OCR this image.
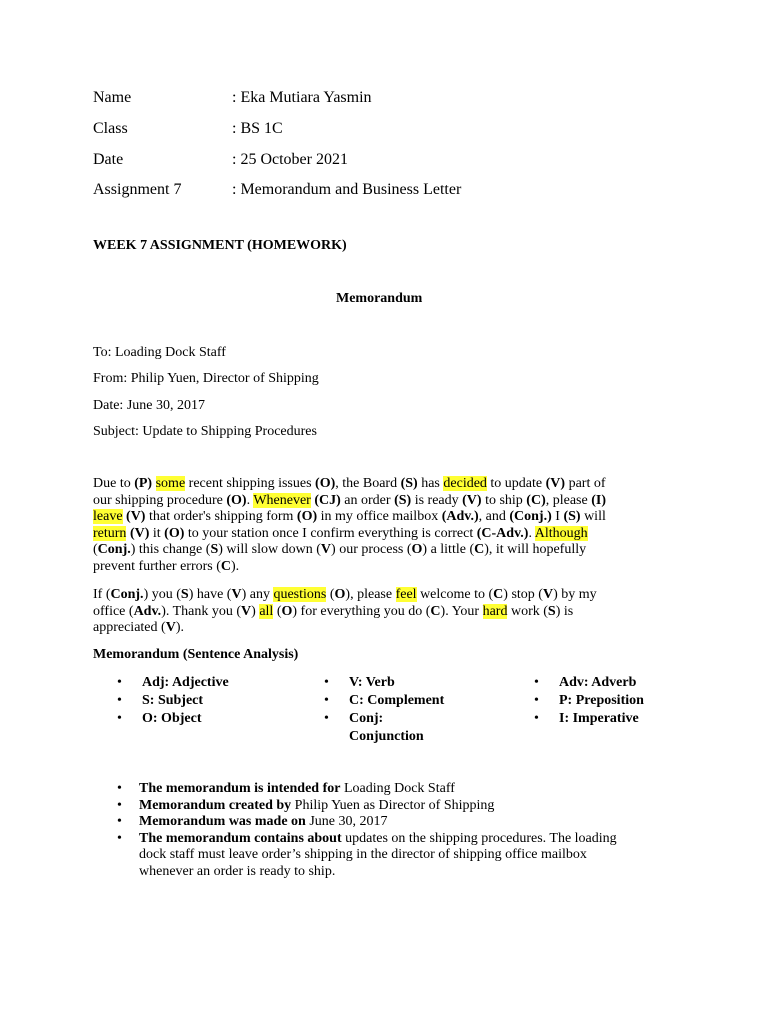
Name	: Eka Mutiara Yasmin
Class	: BS 1C
Date	: 25 October 2021
Assignment 7	: Memorandum and Business Letter
WEEK 7 ASSIGNMENT (HOMEWORK)
Memorandum
To: Loading Dock Staff
From: Philip Yuen, Director of Shipping
Date: June 30, 2017
Subject: Update to Shipping Procedures
Due to (P) some recent shipping issues (O), the Board (S) has decided to update (V) part of
our shipping procedure (O). Whenever (CJ) an order (S) is ready (V) to ship (C), please (I)
leave (V) that order's shipping form (O) in my office mailbox (Adv.), and (Conj.) I (S) will
return (V) it (O) to your station once I confirm everything is correct (C-Adv.). Although
(Conj.) this change (S) will slow down (V) our process (O) a little (C), it will hopefully
prevent further errors (C).
If (Conj.) you (S) have (V) any questions (O), please feel welcome to (C) stop (V) by my
office (Adv.). Thank you (V) all (O) for everything you do (C). Your hard work (S) is
appreciated (V).
Memorandum (Sentence Analysis)
• Adj: Adjective
• S: Subject
• O: Object
• V: Verb
• C: Complement
• Conj:
Conjunction
• Adv: Adverb
• P: Preposition
• I: Imperative
• The memorandum is intended for Loading Dock Staff
• Memorandum created by Philip Yuen as Director of Shipping
• Memorandum was made on June 30, 2017
• The memorandum contains about updates on the shipping procedures. The loading
dock staff must leave order’s shipping in the director of shipping office mailbox
whenever an order is ready to ship.
